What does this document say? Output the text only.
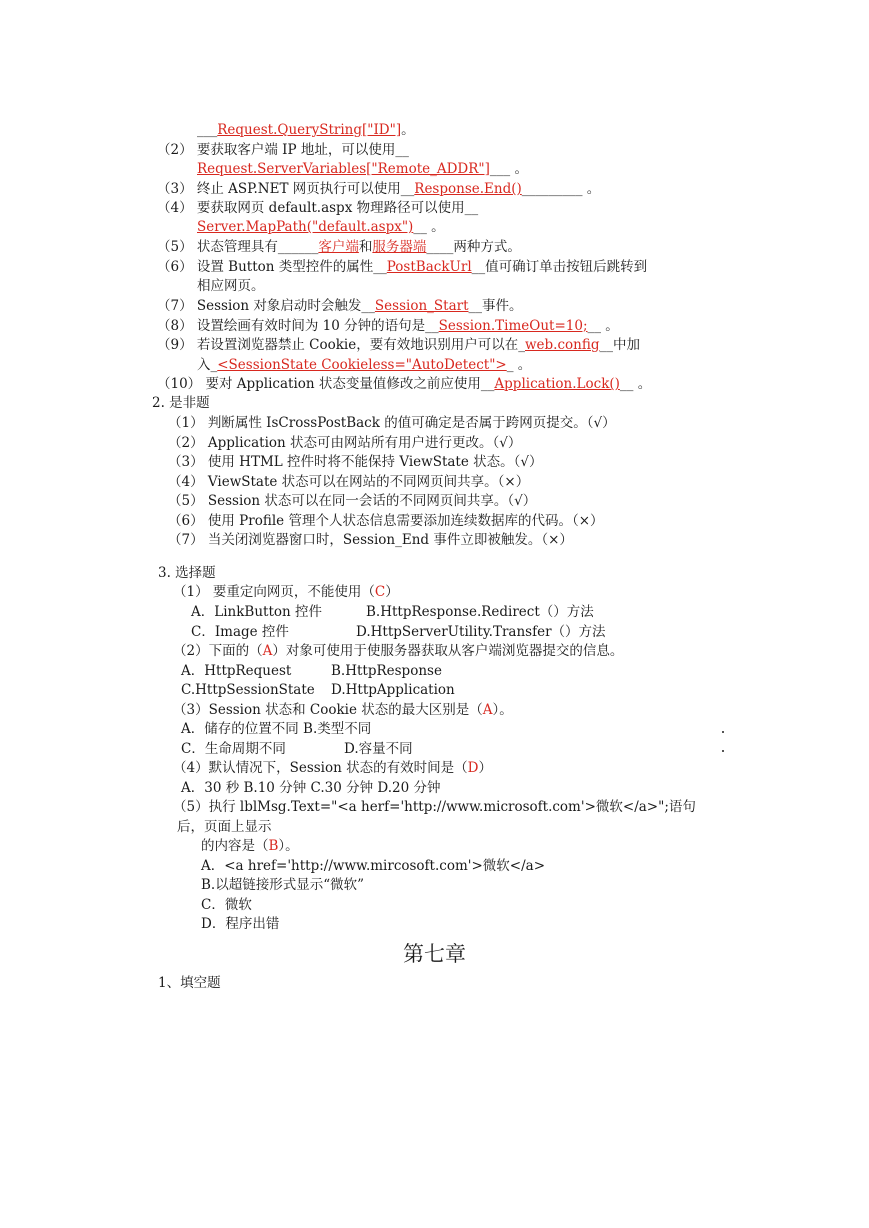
___Request.QueryString["ID"]。
（2） 要获取客户端 IP 地址，可以使用__
Request.ServerVariables["Remote_ADDR"]___ 。
（3） 终止 ASP.NET 网页执行可以使用__Response.End()_________ 。
（4） 要获取网页 default.aspx 物理路径可以使用__
Server.MapPath("default.aspx")__ 。
（5） 状态管理具有______客户端和服务器端____两种方式。
（6） 设置 Button 类型控件的属性__PostBackUrl__值可确订单击按钮后跳转到
相应网页。
（7） Session 对象启动时会触发__Session_Start__事件。
（8） 设置绘画有效时间为 10 分钟的语句是__Session.TimeOut=10;__ 。
（9） 若设置浏览器禁止 Cookie，要有效地识别用户可以在_web.config__中加
入_<SessionState Cookieless="AutoDetect">_ 。
（10） 要对 Application 状态变量值修改之前应使用__Application.Lock()__ 。
2. 是非题
（1） 判断属性 IsCrossPostBack 的值可确定是否属于跨网页提交。（√）
（2） Application 状态可由网站所有用户进行更改。（√）
（3） 使用 HTML 控件时将不能保持 ViewState 状态。（√）
（4） ViewState 状态可以在网站的不同网页间共享。（×）
（5） Session 状态可以在同一会话的不同网页间共享。（√）
（6） 使用 Profile 管理个人状态信息需要添加连续数据库的代码。（×）
（7） 当关闭浏览器窗口时，Session_End 事件立即被触发。（×）
3. 选择题
（1） 要重定向网页，不能使用（C）
A．LinkButton 控件	B.HttpResponse.Redirect（）方法
C．Image 控件	D.HttpServerUtility.Transfer（）方法
（2）下面的（A）对象可使用于使服务器获取从客户端浏览器提交的信息。
A．HttpRequest	B.HttpResponse
C.HttpSessionState D.HttpApplication
（3）Session 状态和 Cookie 状态的最大区别是（A）。
A．储存的位置不同 B.类型不同
C．生命周期不同	D.容量不同
（4）默认情况下，Session 状态的有效时间是（D）
A．30 秒 B.10 分钟 C.30 分钟 D.20 分钟
（5）执行 lblMsg.Text="<a herf='http://www.microsoft.com'>微软</a>";语句
后，页面上显示
的内容是（B）。
A．<a href='http://www.mircosoft.com'>微软</a>
B.以超链接形式显示“微软”
C．微软
D．程序出错
第七章
1、填空题
